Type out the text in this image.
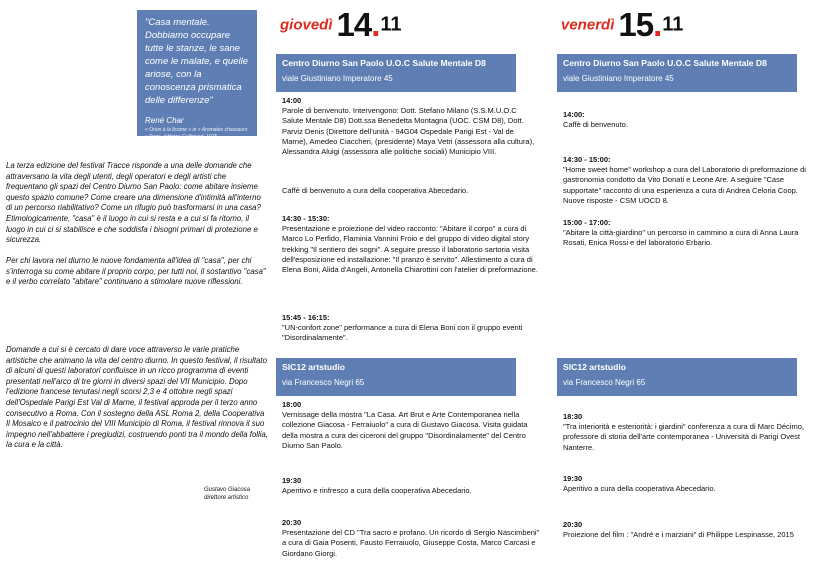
"Casa mentale. Dobbiamo occupare tutte le stanze, le sane come le malate, e quelle ariose, con la conoscenza prismatica delle differenze"
René Char
« Orion à la licorne » in « Aromates chasseurs » Paris, éditions Gallimard, 1975

La terza edizione del festival Tracce risponde a una delle domande che attraversano la vita degli utenti, degli operatori e degli artisti che frequentano gli spazi del Centro Diurno San Paolo: come abitare insieme questo spazio comune? Come creare una dimensione d'intimità all'interno di un percorso riabilitativo? Come un rifugio può trasformarsi in una casa? Etimologicamente, "casa" è il luogo in cui si resta e a cui si fa ritorno, il luogo in cui ci si stabilisce e che soddisfa i bisogni primari di protezione e sicurezza.

Per chi lavora nel diurno le nuove fondamenta all'idea di "casa", per chi s'interroga su come abitare il proprio corpo, per tutti noi, il sostantivo "casa" e il verbo correlato "abitare" continuano a stimolare nuove riflessioni.

Domande a cui si è cercato di dare voce attraverso le varie pratiche artistiche che animano la vita del centro diurno. In questo festival, il risultato di alcuni di questi laboratori confluisce in un ricco programma di eventi presentati nell'arco di tre giorni in diversi spazi del VII Municipio. Dopo l'edizione francese tenutasi negli scorsi 2,3 e 4 ottobre negli spazi dell'Ospedale Parigi Est Val di Marne, il festival approda per il terzo anno consecutivo a Roma. Con il sostegno della ASL Roma 2, della Cooperativa Il Mosaico e il patrocinio del VIII Municipio di Roma, il festival rinnova il suo impegno nell'abbattere i pregiudizi, costruendo ponti tra il mondo della follia, la cura e la città.

Gustavo Giacosa
direttore artistico
giovedì 14.11
Centro Diurno San Paolo U.O.C Salute Mentale D8
viale Giustiniano Imperatore 45
14:00

Parole di benvenuto. Intervengono: Dott. Stefano Milano (S.S.M.U.O.C Salute Mentale D8) Dott.ssa Benedetta Montagna (UOC. CSM D8), Dott. Parviz Denis (Direttore dell'unità - 94G04 Ospedale Parigi Est - Val de Marne), Amedeo Ciaccheri, (presidente) Maya Vetri (assessora alla cultura), Alessandra Aluigi (assessora alle politiche sociali) Municipio VIII.

Caffè di benvenuto a cura della cooperativa Abecedario.

14:30 - 15:30:

Presentazione e proiezione del video racconto: "Abitare il corpo" a cura di Marco Lo Perfido, Flaminia Vannini Froio e del gruppo di video digital story trekking "Il sentiero dei sogni". A seguire presso il laboratorio sartoria visita dell'esposizione ed installazione: "Il pranzo è servito". Allestimento a cura di Elena Boni, Alida d'Angeli, Antonella Chiarottini con l'atelier di preformazione.

15:45 - 16:15:

"UN-confort zone" performance a cura di Elena Boni con il gruppo eventi "Disordinalamente".

SIC12 artstudio
via Francesco Negri 65
18:00

Vernissage della mostra "La Casa. Art Brut e Arte Contemporanea nella collezione Giacosa - Ferraiuolo" a cura di Gustavo Giacosa. Visita guidata della mostra a cura dei ciceroni del gruppo "Disordinalamente" del Centro Diurno San Paolo.

19:30

Aperitivo e rinfresco a cura della cooperativa Abecedario.

20:30

Presentazione del CD "Tra sacro e profano. Un ricordo di Sergio Nascimbeni" a cura di Gaia Posenti, Fausto Ferraiuolo, Giuseppe Costa, Marco Carcasi e Giordano Giorgi.

venerdì 15.11
Centro Diurno San Paolo U.O.C Salute Mentale D8
viale Giustiniano Imperatore 45
14:00:

Caffè di benvenuto.

14:30 - 15:00:

"Home sweet home" workshop a cura del Laboratorio di preformazione di gastronomia condotto da Vito Donati e Leone Are. A seguire "Case supportate" racconto di una esperienza a cura di Andrea Celoria Coop. Nuove risposte - CSM UOCD 8.

15:00 - 17:00:

"Abitare la città-giardino" un percorso in cammino a cura di Anna Laura Rosati, Enica Rossi e del laboratorio Erbario.

SIC12 artstudio
via Francesco Negri 65
18:30

"Tra interiorità e esteriorità: i giardini" conferenza a cura di Marc Décimo, professore di storia dell'arte contemporanea - Università di Parigi Ovest Nanterre.

19:30

Aperitivo a cura della cooperativa Abecedario.

20:30

Proiezione del film : "André e i marziani" di Philippe Lespinasse, 2015
